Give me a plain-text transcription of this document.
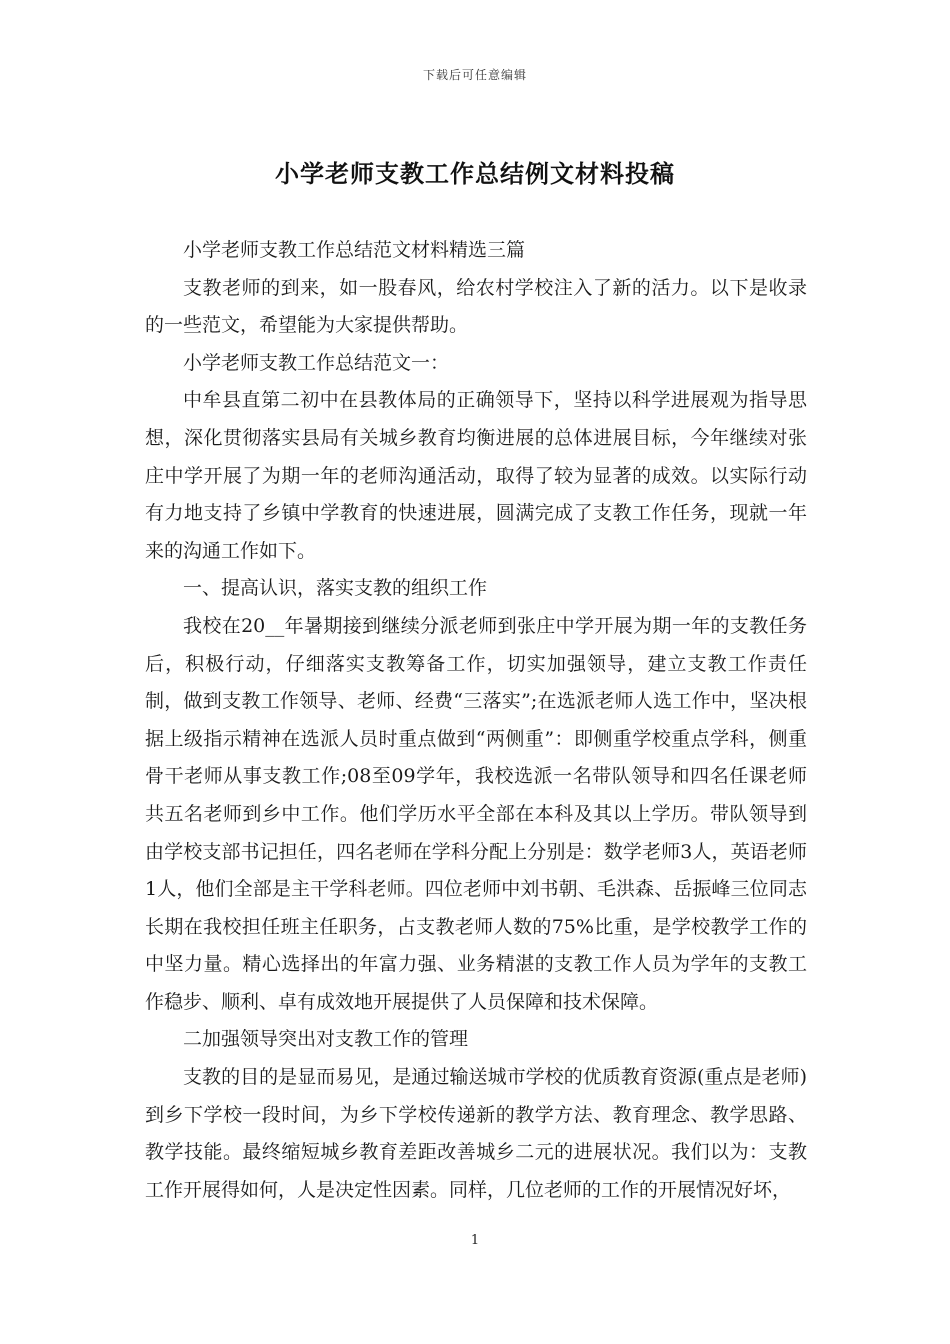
下载后可任意编辑
小学老师支教工作总结例文材料投稿

小学老师支教工作总结范文材料精选三篇

支教老师的到来，如一股春风，给农村学校注入了新的活力。以下是收录的一些范文，希望能为大家提供帮助。

小学老师支教工作总结范文一：

中牟县直第二初中在县教体局的正确领导下，坚持以科学进展观为指导思想，深化贯彻落实县局有关城乡教育均衡进展的总体进展目标，今年继续对张庄中学开展了为期一年的老师沟通活动，取得了较为显著的成效。以实际行动有力地支持了乡镇中学教育的快速进展，圆满完成了支教工作任务，现就一年来的沟通工作如下。

一、提高认识，落实支教的组织工作

我校在20__年暑期接到继续分派老师到张庄中学开展为期一年的支教任务后，积极行动，仔细落实支教筹备工作，切实加强领导，建立支教工作责任制，做到支教工作领导、老师、经费“三落实”;在选派老师人选工作中，坚决根据上级指示精神在选派人员时重点做到“两侧重”：即侧重学校重点学科，侧重骨干老师从事支教工作;08至09学年，我校选派一名带队领导和四名任课老师共五名老师到乡中工作。他们学历水平全部在本科及其以上学历。带队领导到由学校支部书记担任，四名老师在学科分配上分别是：数学老师3人，英语老师1人，他们全部是主干学科老师。四位老师中刘书朝、毛洪森、岳振峰三位同志长期在我校担任班主任职务，占支教老师人数的75%比重，是学校教学工作的中坚力量。精心选择出的年富力强、业务精湛的支教工作人员为学年的支教工作稳步、顺利、卓有成效地开展提供了人员保障和技术保障。

二加强领导突出对支教工作的管理

支教的目的是显而易见，是通过输送城市学校的优质教育资源(重点是老师)到乡下学校一段时间，为乡下学校传递新的教学方法、教育理念、教学思路、教学技能。最终缩短城乡教育差距改善城乡二元的进展状况。我们以为：支教工作开展得如何，人是决定性因素。同样，几位老师的工作的开展情况好坏，

1
